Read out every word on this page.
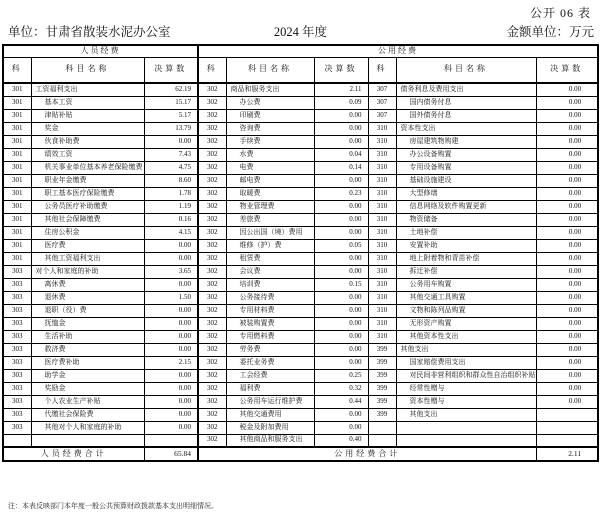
公开 06 表
单位：甘肃省散装水泥办公室	2024 年度	金额单位：万元
人员经费			公用经费					
科	科目名称	决算数	科	科目名称	决算数	科	科目名称	决算数
301	工资福利支出	62.19	302	商品和服务支出	2.11	307	债务利息及费用支出	0.00
301	基本工资	15.17	302	办公费	0.09	307	国内债务付息	0.00
301	津贴补贴	5.17	302	印刷费	0.00	307	国外债务付息	0.00
301	奖金	13.79	302	咨询费	0.00	310	资本性支出	0.00
301	伙食补助费	0.00	302	手续费	0.00	310	房屋建筑物购建	0.00
301	绩效工资	7.43	302	水费	0.04	310	办公设备购置	0.00
301	机关事业单位基本养老保险缴费	4.75	302	电费	0.14	310	专用设备购置	0.00
301	职业年金缴费	8.60	302	邮电费	0.00	310	基础设施建设	0.00
301	职工基本医疗保险缴费	1.78	302	取暖费	0.23	310	大型修缮	0.00
301	公务员医疗补助缴费	1.19	302	物业管理费	0.00	310	信息网络及软件购置更新	0.00
301	其他社会保障缴费	0.16	302	差旅费	0.00	310	物资储备	0.00
301	住房公积金	4.15	302	因公出国（境）费用	0.00	310	土地补偿	0.00
301	医疗费	0.00	302	维修（护）费	0.05	310	安置补助	0.00
301	其他工资福利支出	0.00	302	租赁费	0.00	310	地上附着物和青苗补偿	0.00
303	对个人和家庭的补助	3.65	302	会议费	0.00	310	拆迁补偿	0.00
303	离休费	0.00	302	培训费	0.15	310	公务用车购置	0.00
303	退休费	1.50	302	公务接待费	0.00	310	其他交通工具购置	0.00
303	退职（役）费	0.00	302	专用材料费	0.00	310	文物和陈列品购置	0.00
303	抚恤金	0.00	302	被装购置费	0.00	310	无形资产购置	0.00
303	生活补助	0.00	302	专用燃料费	0.00	310	其他资本性支出	0.00
303	救济费	0.00	302	劳务费	0.00	399	其他支出	0.00
303	医疗费补助	2.15	302	委托业务费	0.00	399	国家赔偿费用支出	0.00
303	助学金	0.00	302	工会经费	0.25	399	对民间非营利组织和群众性自治组织补贴	0.00
303	奖励金	0.00	302	福利费	0.32	399	经常性赠与	0.00
303	个人农业生产补贴	0.00	302	公务用车运行维护费	0.44	399	资本性赠与	0.00
303	代缴社会保险费	0.00	302	其他交通费用	0.00	399	其他支出	
303	其他对个人和家庭的补助	0.00	302	税金及附加费用	0.00			
			302	其他商品和服务支出	0.40			
人员经费合计		65.84	公用经费合计					2.11
注：本表反映部门本年度一般公共预算财政拨款基本支出明细情况。
